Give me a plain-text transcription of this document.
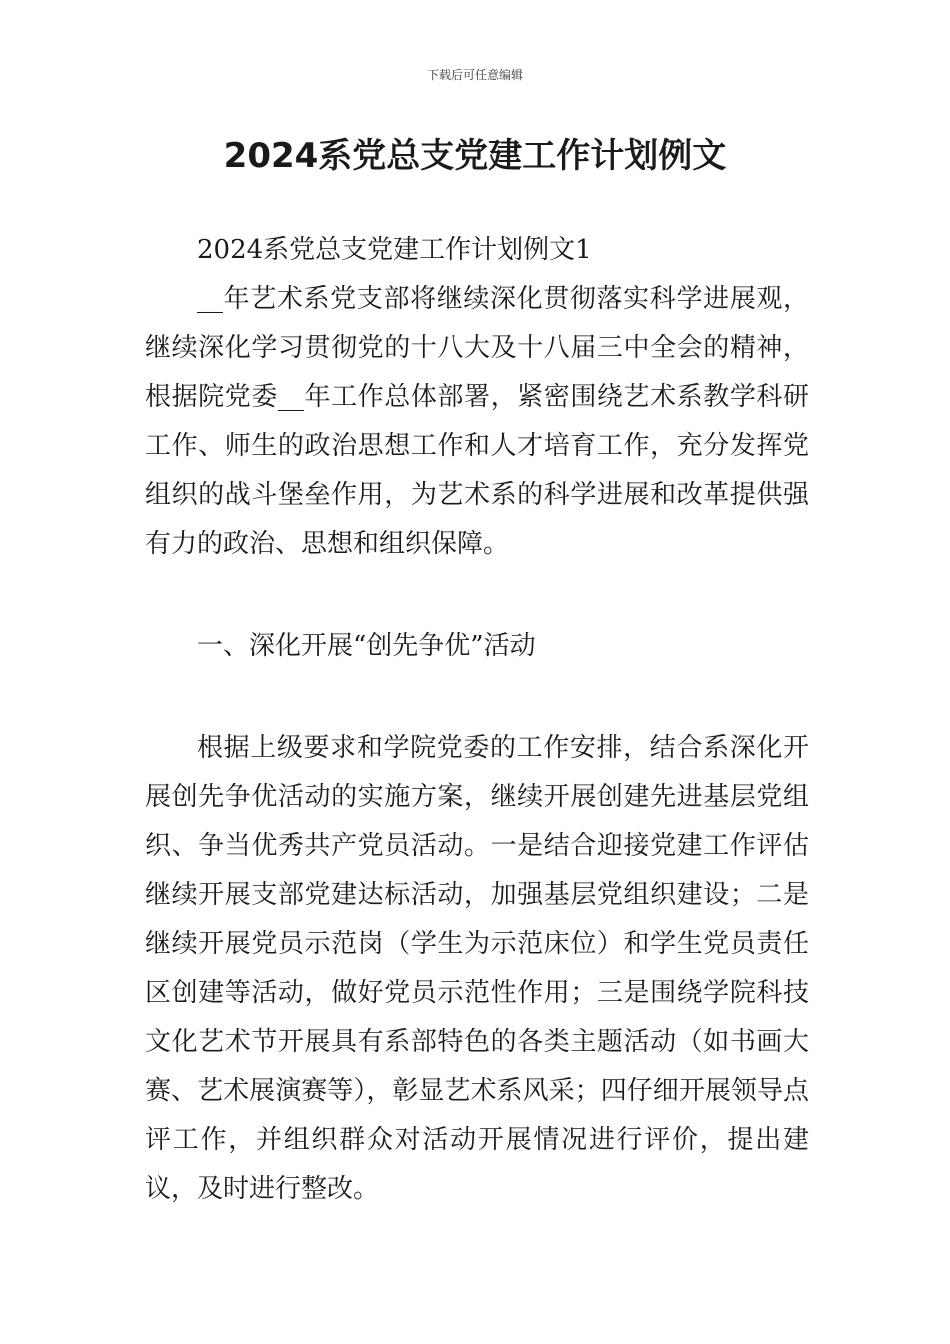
下载后可任意编辑
2024系党总支党建工作计划例文

2024系党总支党建工作计划例文1

__年艺术系党支部将继续深化贯彻落实科学进展观，继续深化学习贯彻党的十八大及十八届三中全会的精神，根据院党委__年工作总体部署，紧密围绕艺术系教学科研工作、师生的政治思想工作和人才培育工作，充分发挥党组织的战斗堡垒作用，为艺术系的科学进展和改革提供强有力的政治、思想和组织保障。

一、深化开展“创先争优”活动

根据上级要求和学院党委的工作安排，结合系深化开展创先争优活动的实施方案，继续开展创建先进基层党组织、争当优秀共产党员活动。一是结合迎接党建工作评估继续开展支部党建达标活动，加强基层党组织建设；二是继续开展党员示范岗（学生为示范床位）和学生党员责任区创建等活动，做好党员示范性作用；三是围绕学院科技文化艺术节开展具有系部特色的各类主题活动（如书画大赛、艺术展演赛等），彰显艺术系风采；四仔细开展领导点评工作，并组织群众对活动开展情况进行评价，提出建议，及时进行整改。
